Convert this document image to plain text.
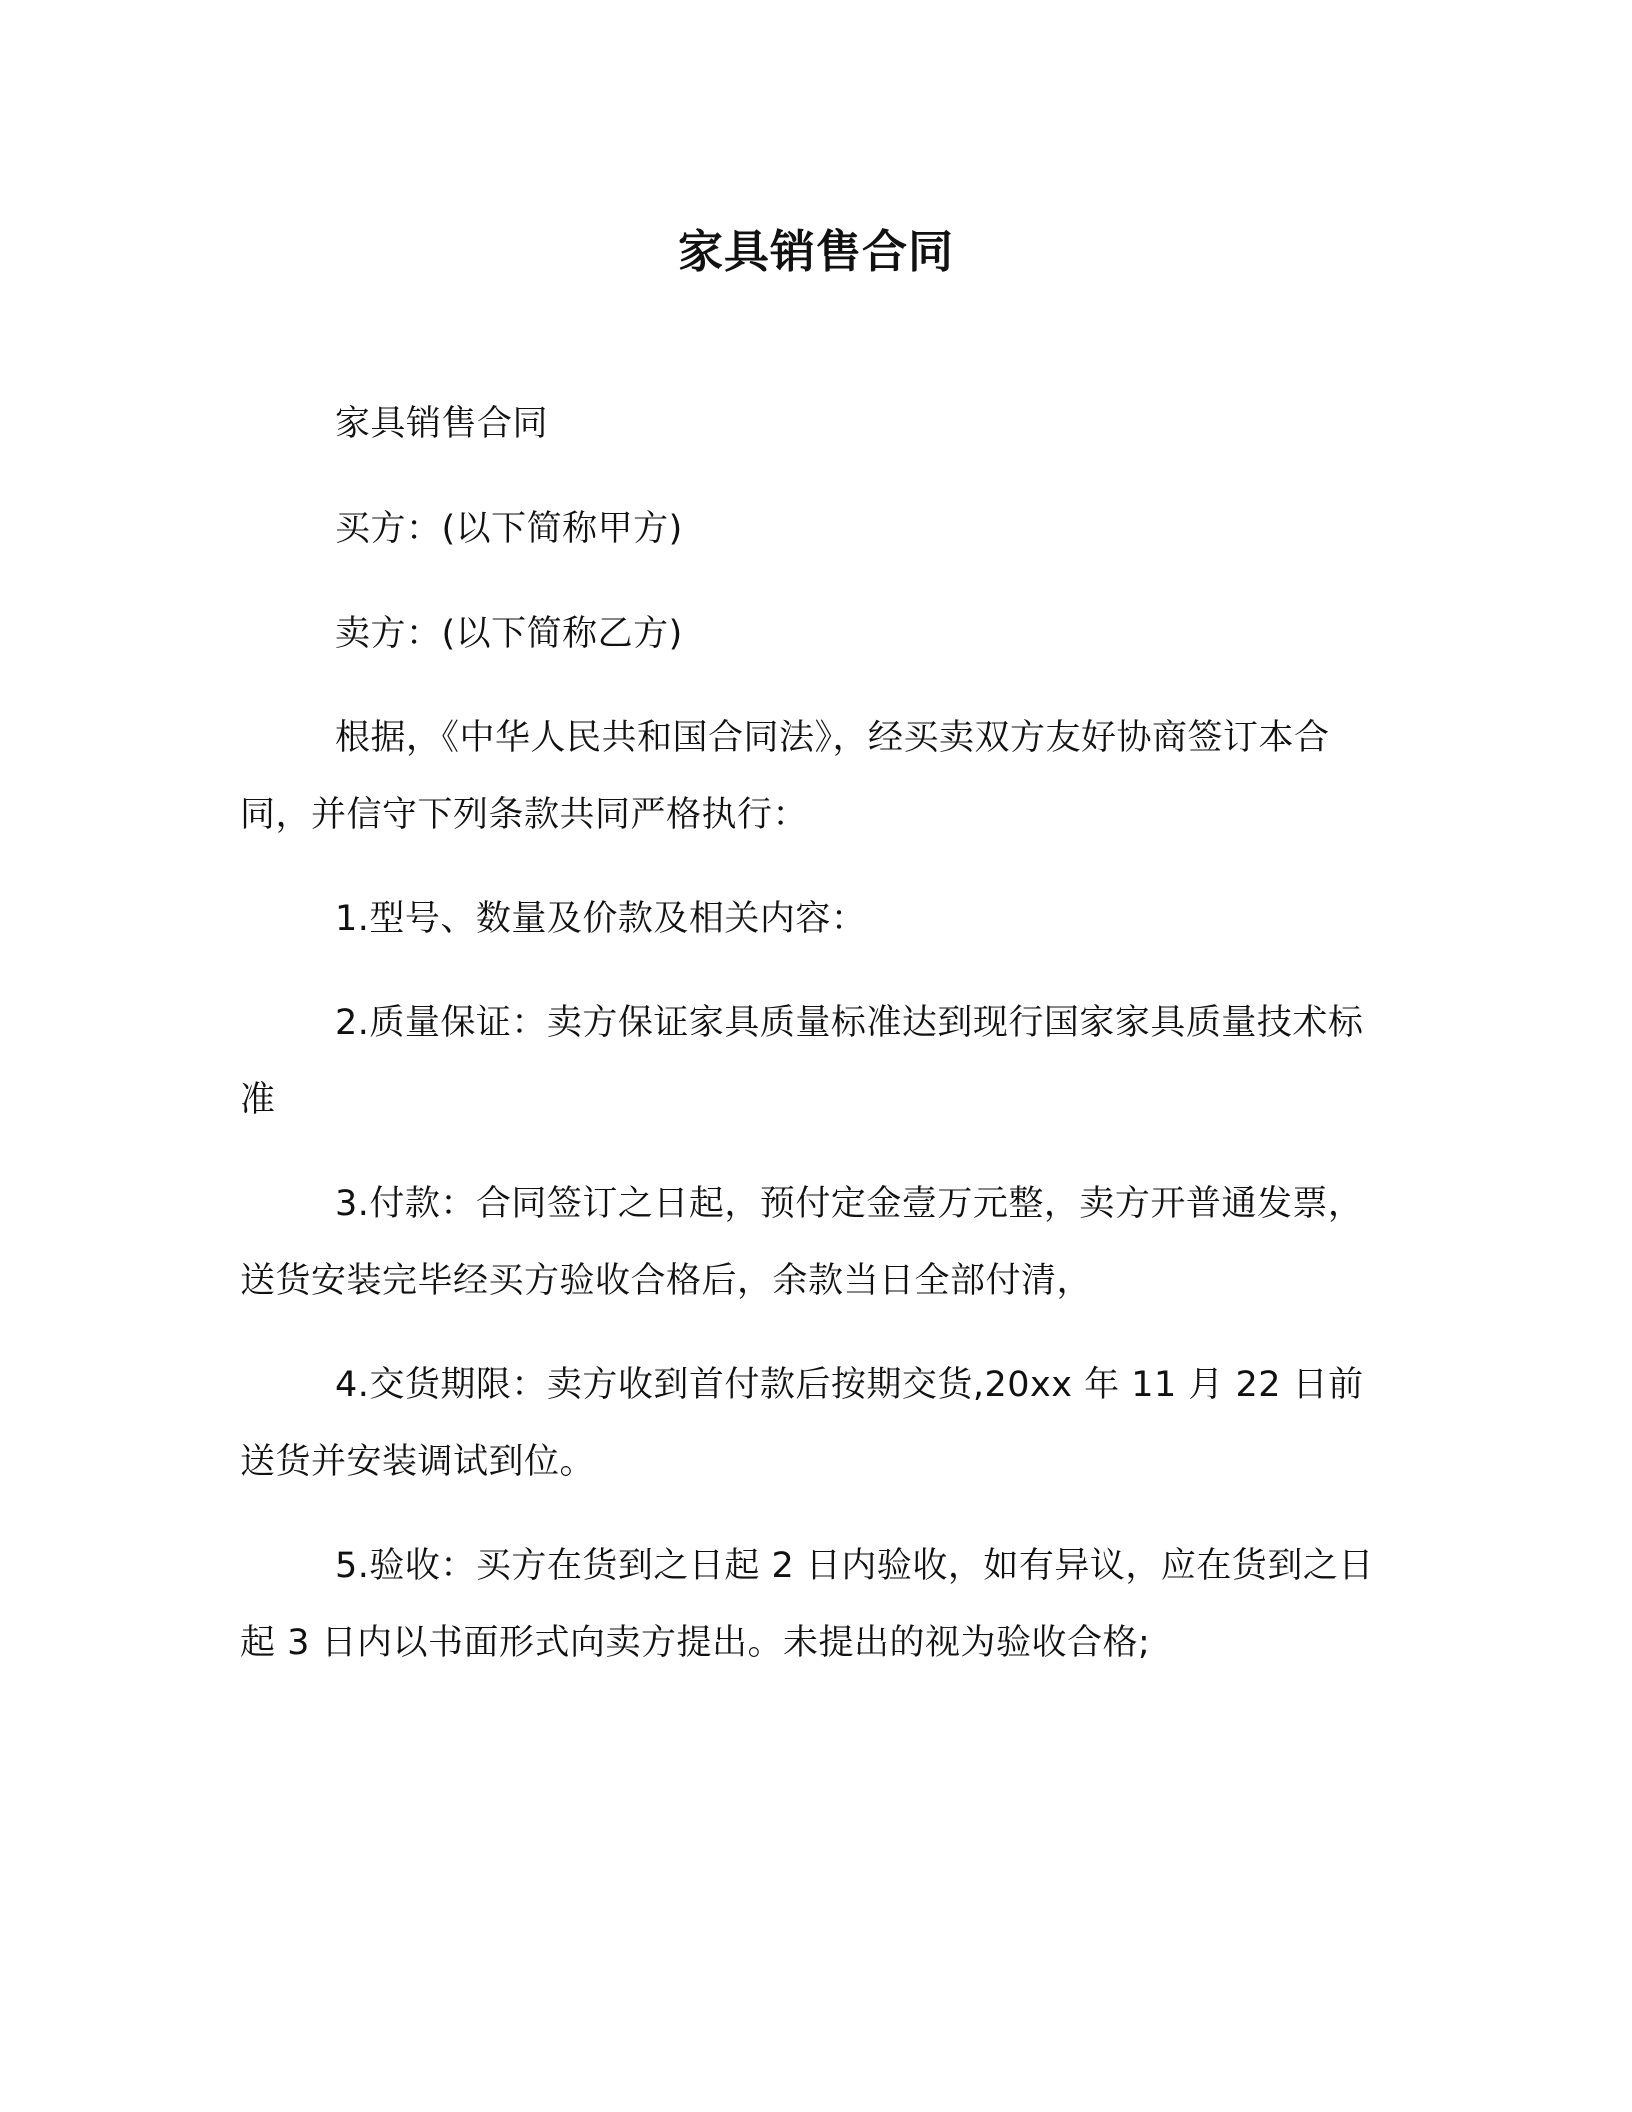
家具销售合同
家具销售合同
买方：(以下简称甲方)
卖方：(以下简称乙方)
根据，《中华人民共和国合同法》，经买卖双方友好协商签订本合同，并信守下列条款共同严格执行：
1.型号、数量及价款及相关内容：
2.质量保证：卖方保证家具质量标准达到现行国家家具质量技术标准
3.付款：合同签订之日起，预付定金壹万元整，卖方开普通发票，送货安装完毕经买方验收合格后，余款当日全部付清，
4.交货期限：卖方收到首付款后按期交货,20xx 年 11 月 22 日前送货并安装调试到位。
5.验收：买方在货到之日起 2 日内验收，如有异议，应在货到之日起 3 日内以书面形式向卖方提出。未提出的视为验收合格;
